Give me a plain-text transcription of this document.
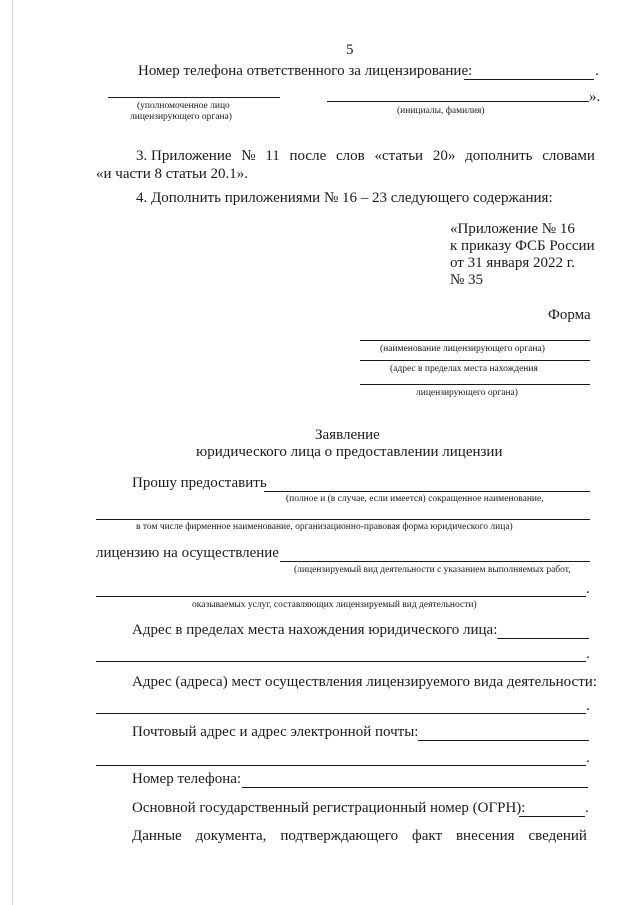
5
Номер телефона ответственного за лицензирование:	.
».
(уполномоченное лицо
лицензирующего органа)
(инициалы, фамилия)
3. Приложение № 11 после слов «статьи 20» дополнить словами
«и части 8 статьи 20.1».
4. Дополнить приложениями № 16 – 23 следующего содержания:
«Приложение № 16
к приказу ФСБ России
от 31 января 2022 г.
№ 35
Форма
(наименование лицензирующего органа)
(адрес в пределах места нахождения
лицензирующего органа)
Заявление
юридического лица о предоставлении лицензии
Прошу предоставить
(полное и (в случае, если имеется) сокращенное наименование,
в том числе фирменное наименование, организационно-правовая форма юридического лица)
лицензию на осуществление
(лицензируемый вид деятельности с указанием выполняемых работ,
.
оказываемых услуг, составляющих лицензируемый вид деятельности)
Адрес в пределах места нахождения юридического лица:
.
Адрес (адреса) мест осуществления лицензируемого вида деятельности:
.
Почтовый адрес и адрес электронной почты:
.
Номер телефона:
Основной государственный регистрационный номер (ОГРН):	.
Данные документа, подтверждающего факт внесения сведений
